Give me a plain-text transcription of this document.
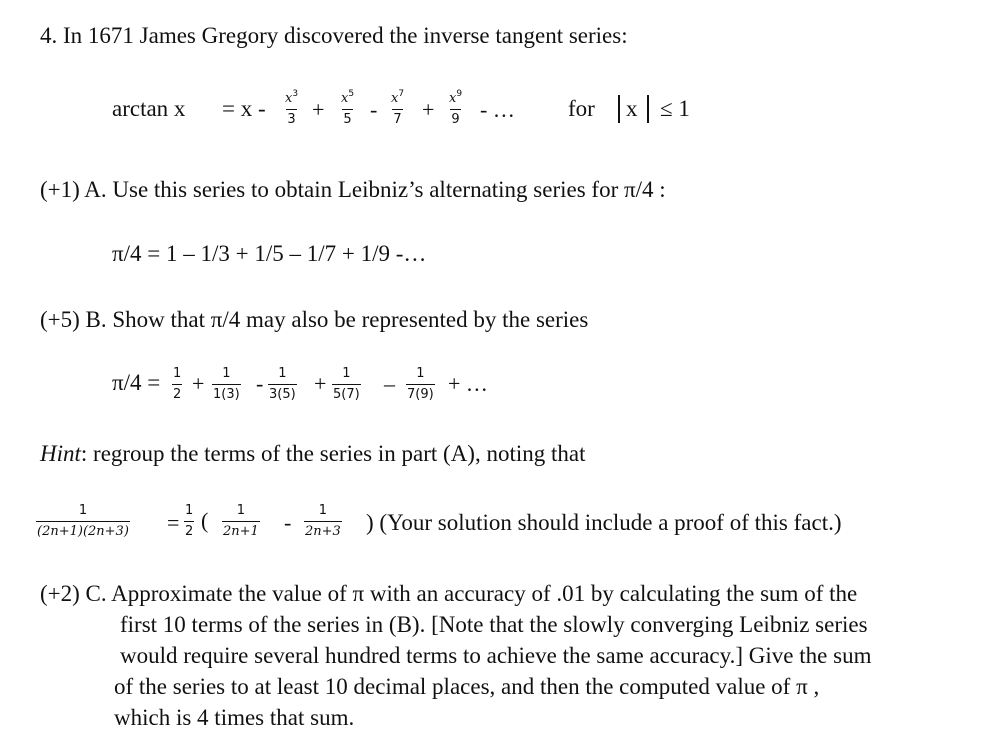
4. In 1671 James Gregory discovered the inverse tangent series:
$\arctan x = x - \frac{x^3}{3} + \frac{x^5}{5} - \frac{x^7}{7} + \frac{x^9}{9}$ - … for x ≤ 1
(+1) A. Use this series to obtain Leibniz’s alternating series for π/4 :
π/4 = 1 – 1/3 + 1/5 – 1/7 + 1/9 -…
(+5) B. Show that π/4 may also be represented by the series
$\pi/4 = \frac{1}{2} + \frac{1}{1(3)} - \frac{1}{3(5)} + \frac{1}{5(7)} - \frac{1}{7(9)}$ + …
Hint: regroup the terms of the series in part (A), noting that
$\frac{1}{(2n+1)(2n+3)} = \frac{1}{2}$ ( $\frac{1}{2n+1} - \frac{1}{2n+3}$ ) (Your solution should include a proof of this fact.)
(+2) C. Approximate the value of π with an accuracy of .01 by calculating the sum of the
first 10 terms of the series in (B). [Note that the slowly converging Leibniz series
would require several hundred terms to achieve the same accuracy.] Give the sum
of the series to at least 10 decimal places, and then the computed value of π ,
which is 4 times that sum.
